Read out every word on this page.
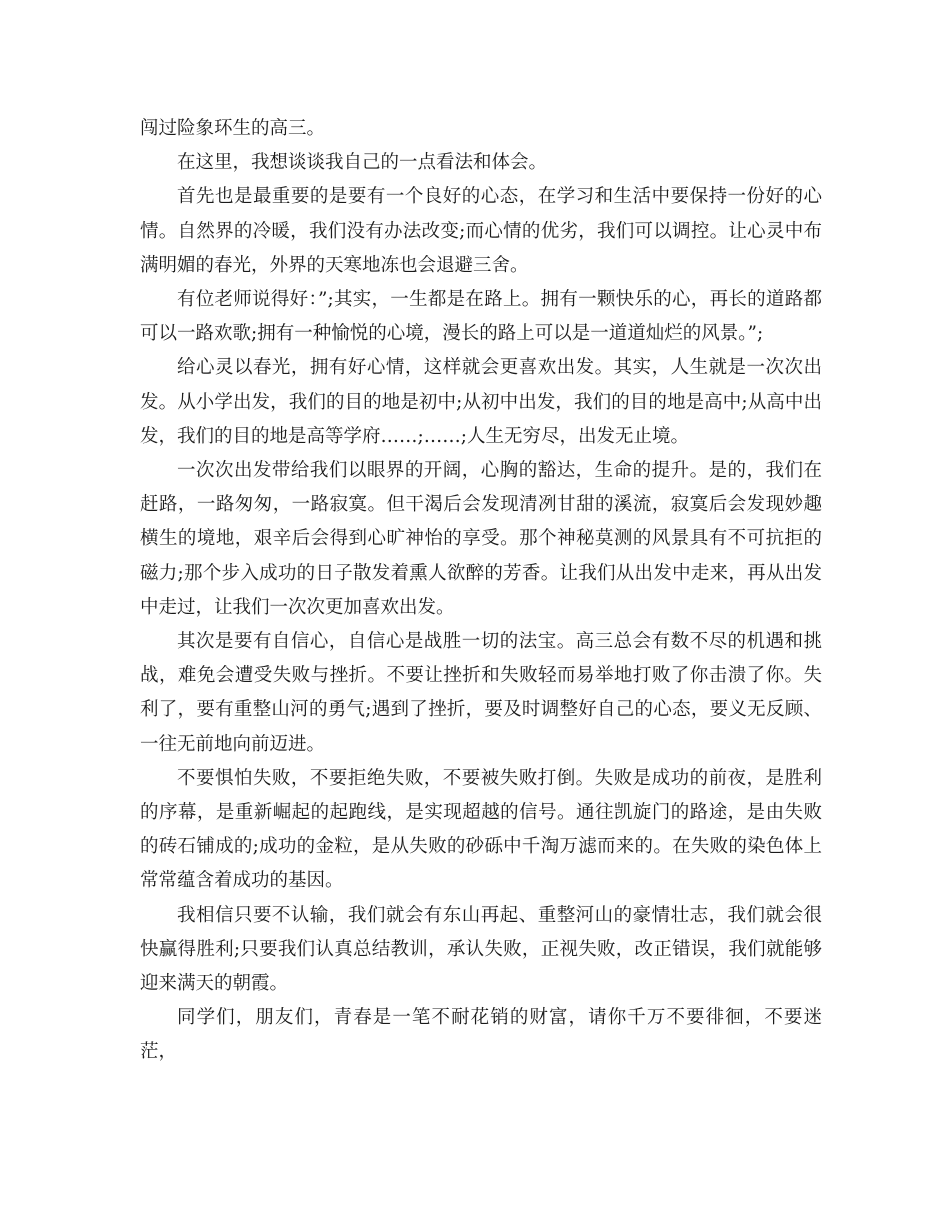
闯过险象环生的高三。

在这里，我想谈谈我自己的一点看法和体会。

首先也是最重要的是要有一个良好的心态，在学习和生活中要保持一份好的心情。自然界的冷暖，我们没有办法改变;而心情的优劣，我们可以调控。让心灵中布满明媚的春光，外界的天寒地冻也会退避三舍。

有位老师说得好：”;其实，一生都是在路上。拥有一颗快乐的心，再长的道路都可以一路欢歌;拥有一种愉悦的心境，漫长的路上可以是一道道灿烂的风景。”;

给心灵以春光，拥有好心情，这样就会更喜欢出发。其实，人生就是一次次出发。从小学出发，我们的目的地是初中;从初中出发，我们的目的地是高中;从高中出发，我们的目的地是高等学府……;……;人生无穷尽，出发无止境。

一次次出发带给我们以眼界的开阔，心胸的豁达，生命的提升。是的，我们在赶路，一路匆匆，一路寂寞。但干渴后会发现清冽甘甜的溪流，寂寞后会发现妙趣横生的境地，艰辛后会得到心旷神怡的享受。那个神秘莫测的风景具有不可抗拒的磁力;那个步入成功的日子散发着熏人欲醉的芳香。让我们从出发中走来，再从出发中走过，让我们一次次更加喜欢出发。

其次是要有自信心，自信心是战胜一切的法宝。高三总会有数不尽的机遇和挑战，难免会遭受失败与挫折。不要让挫折和失败轻而易举地打败了你击溃了你。失利了，要有重整山河的勇气;遇到了挫折，要及时调整好自己的心态，要义无反顾、一往无前地向前迈进。

不要惧怕失败，不要拒绝失败，不要被失败打倒。失败是成功的前夜，是胜利的序幕，是重新崛起的起跑线，是实现超越的信号。通往凯旋门的路途，是由失败的砖石铺成的;成功的金粒，是从失败的砂砾中千淘万滤而来的。在失败的染色体上常常蕴含着成功的基因。

我相信只要不认输，我们就会有东山再起、重整河山的豪情壮志，我们就会很快赢得胜利;只要我们认真总结教训，承认失败，正视失败，改正错误，我们就能够迎来满天的朝霞。

同学们，朋友们，青春是一笔不耐花销的财富，请你千万不要徘徊，不要迷茫，
